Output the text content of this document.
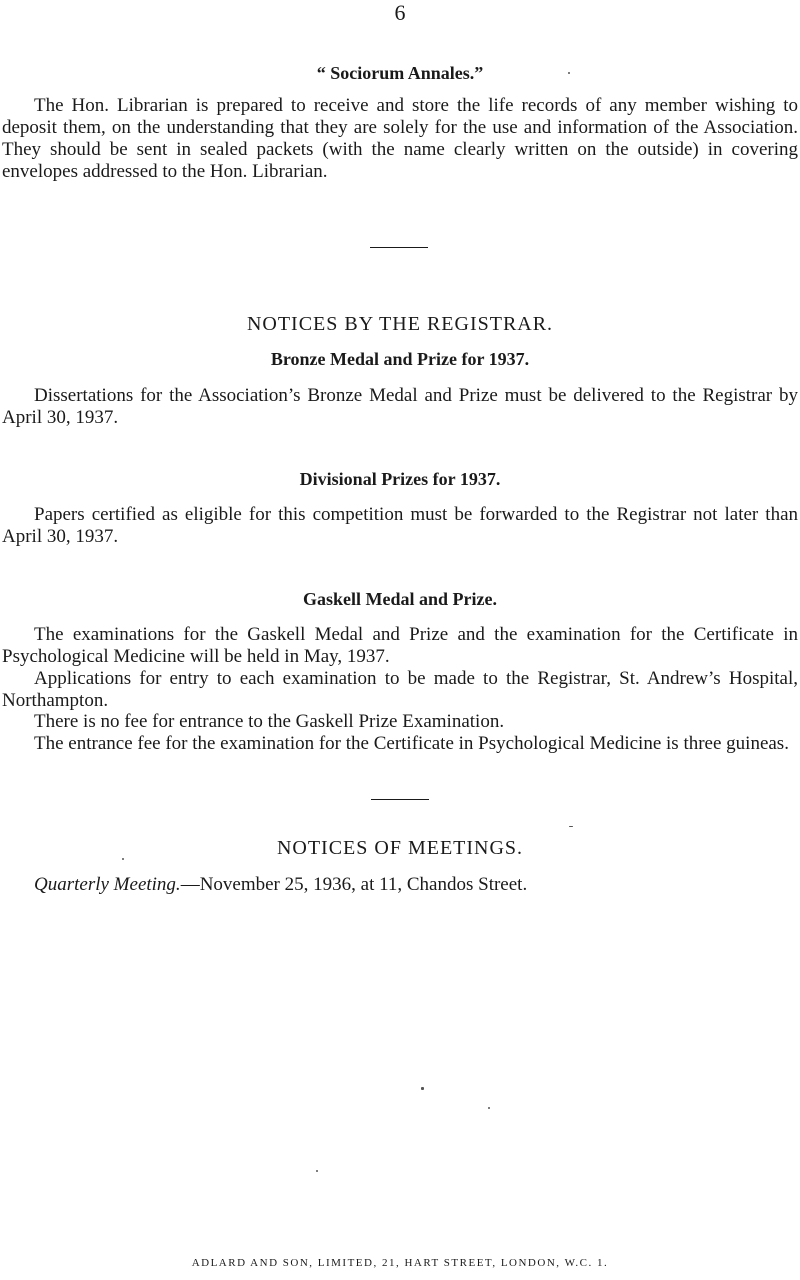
6
“ Sociorum Annales.”
The Hon. Librarian is prepared to receive and store the life records of any member wishing to deposit them, on the understanding that they are solely for the use and information of the Association. They should be sent in sealed packets (with the name clearly written on the outside) in covering envelopes addressed to the Hon. Librarian.
NOTICES BY THE REGISTRAR.
Bronze Medal and Prize for 1937.
Dissertations for the Association’s Bronze Medal and Prize must be delivered to the Registrar by April 30, 1937.
Divisional Prizes for 1937.
Papers certified as eligible for this competition must be forwarded to the Registrar not later than April 30, 1937.
Gaskell Medal and Prize.
The examinations for the Gaskell Medal and Prize and the examination for the Certificate in Psychological Medicine will be held in May, 1937.
Applications for entry to each examination to be made to the Registrar, St. Andrew’s Hospital, Northampton.
There is no fee for entrance to the Gaskell Prize Examination.
The entrance fee for the examination for the Certificate in Psychological Medicine is three guineas.
NOTICES OF MEETINGS.
Quarterly Meeting.—November 25, 1936, at 11, Chandos Street.
ADLARD AND SON, LIMITED, 21, HART STREET, LONDON, W.C. 1.
